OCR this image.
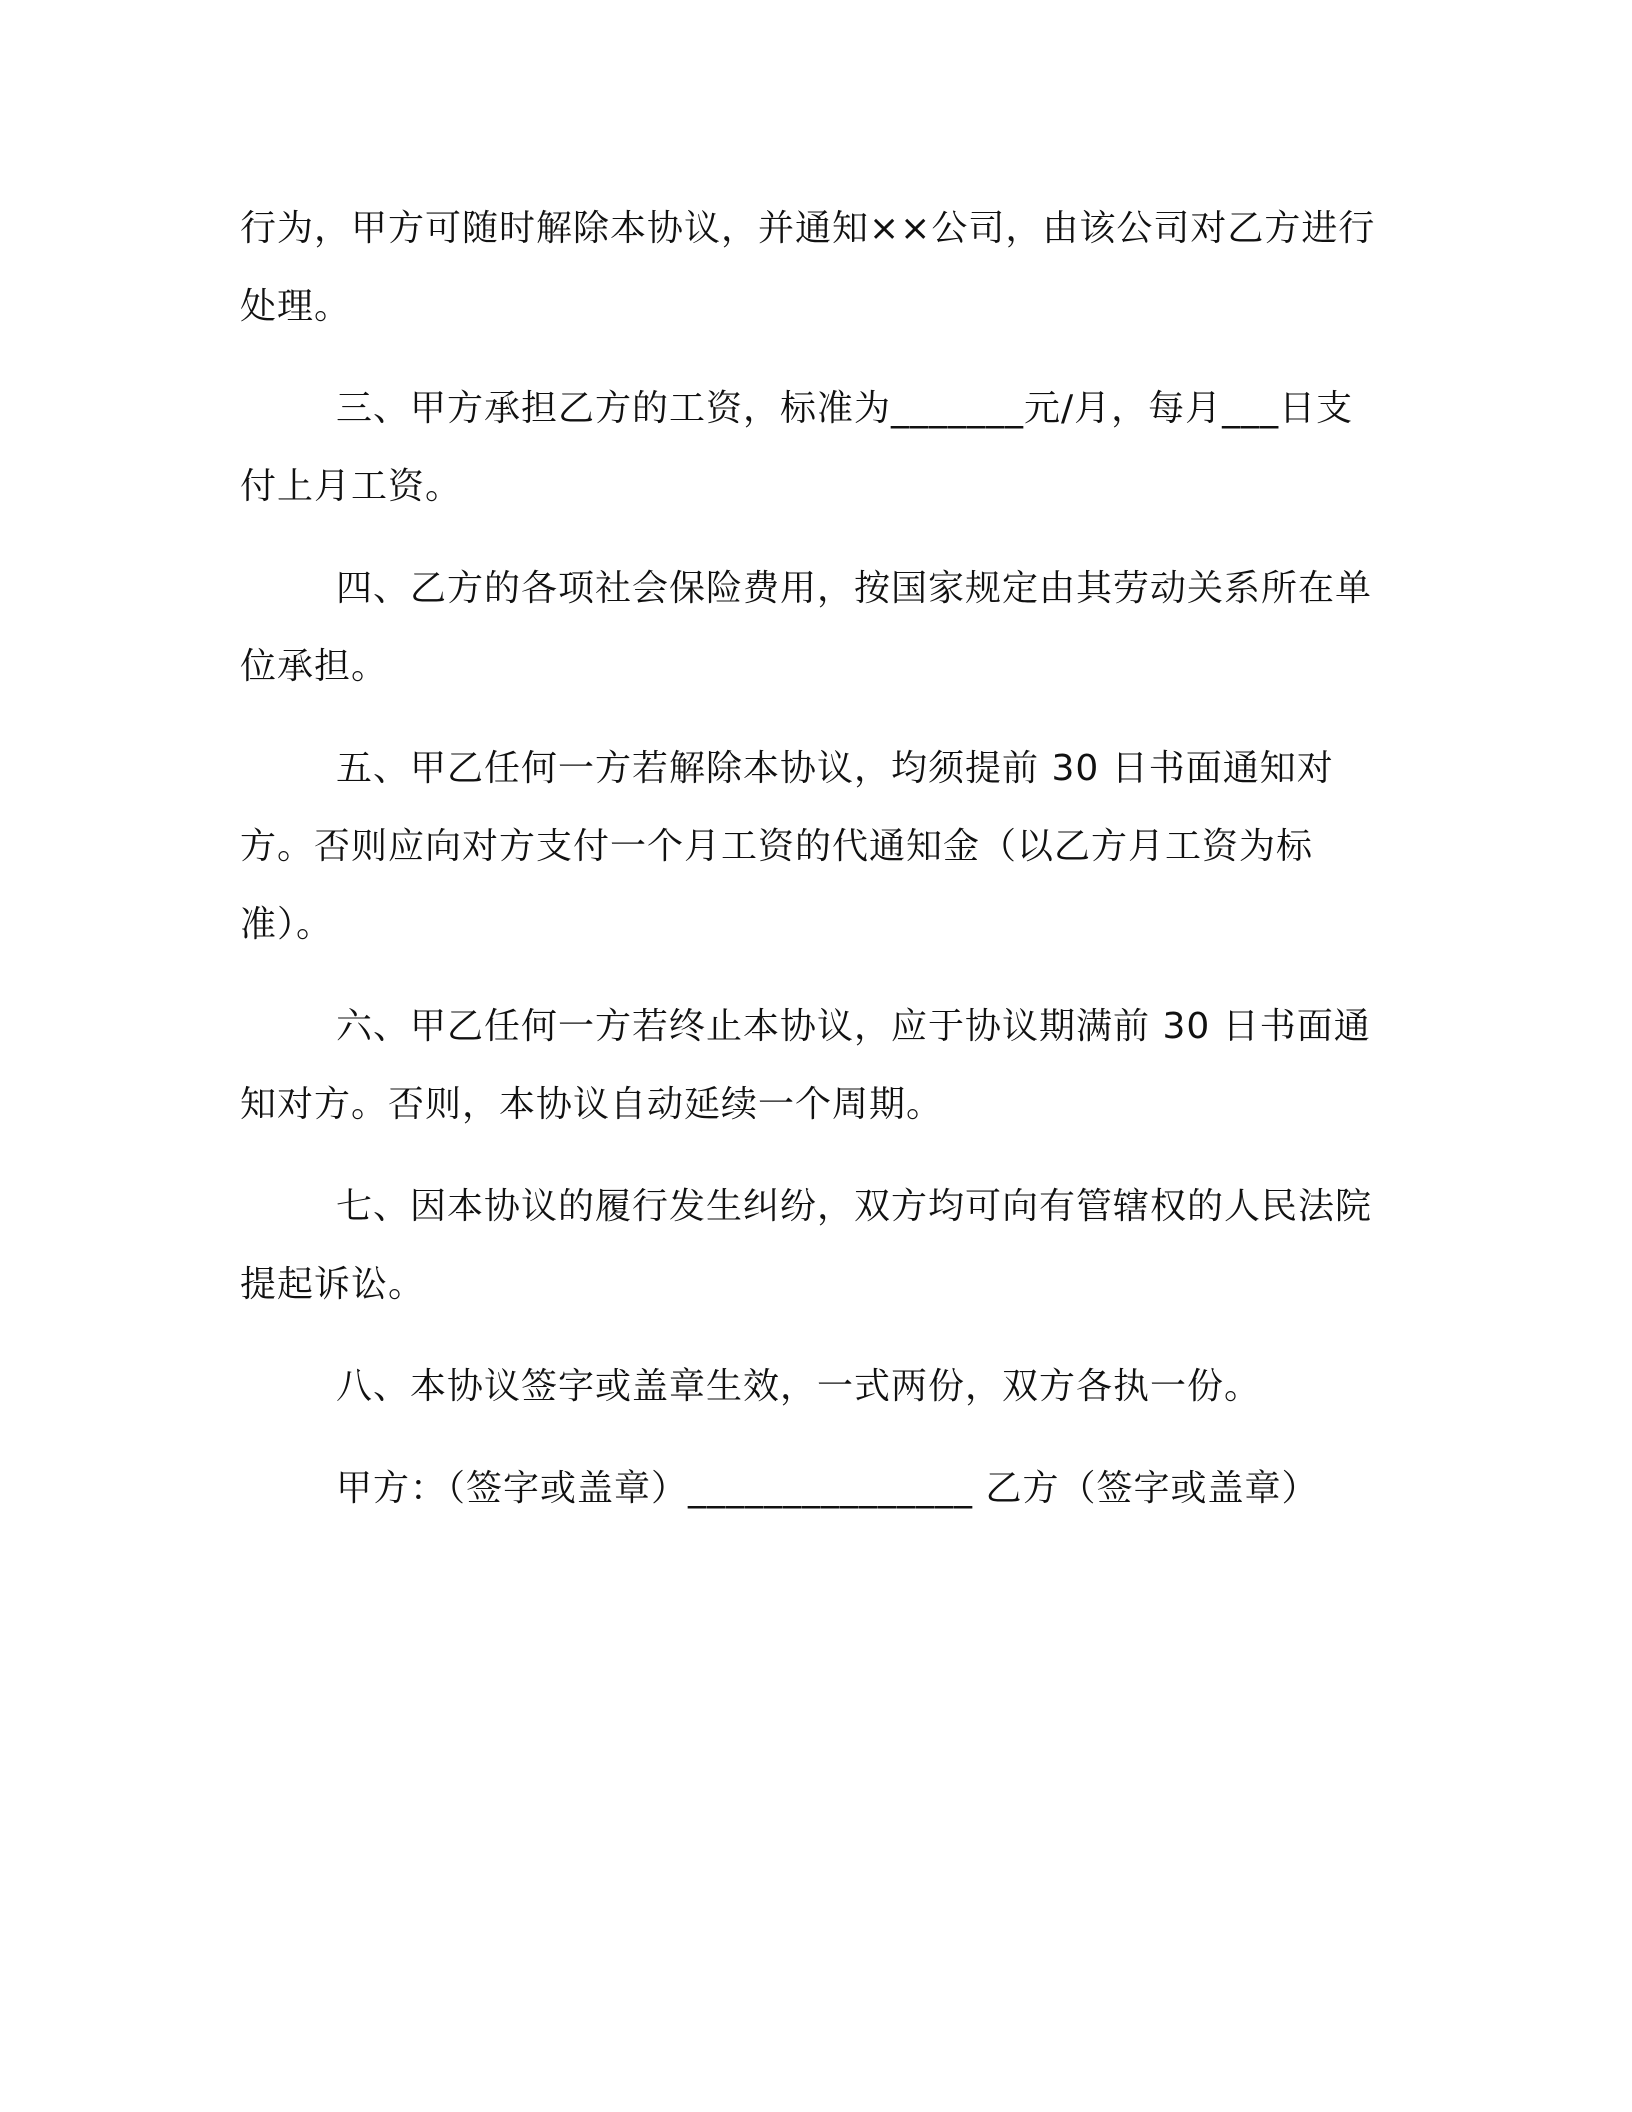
行为，甲方可随时解除本协议，并通知××公司，由该公司对乙方进行处理。

三、甲方承担乙方的工资，标准为_______元/月，每月___日支付上月工资。

四、乙方的各项社会保险费用，按国家规定由其劳动关系所在单位承担。

五、甲乙任何一方若解除本协议，均须提前 30 日书面通知对方。否则应向对方支付一个月工资的代通知金（以乙方月工资为标准）。

六、甲乙任何一方若终止本协议，应于协议期满前 30 日书面通知对方。否则，本协议自动延续一个周期。

七、因本协议的履行发生纠纷，双方均可向有管辖权的人民法院提起诉讼。

八、本协议签字或盖章生效，一式两份，双方各执一份。

甲方：（签字或盖章）_______________ 乙方（签字或盖章）
